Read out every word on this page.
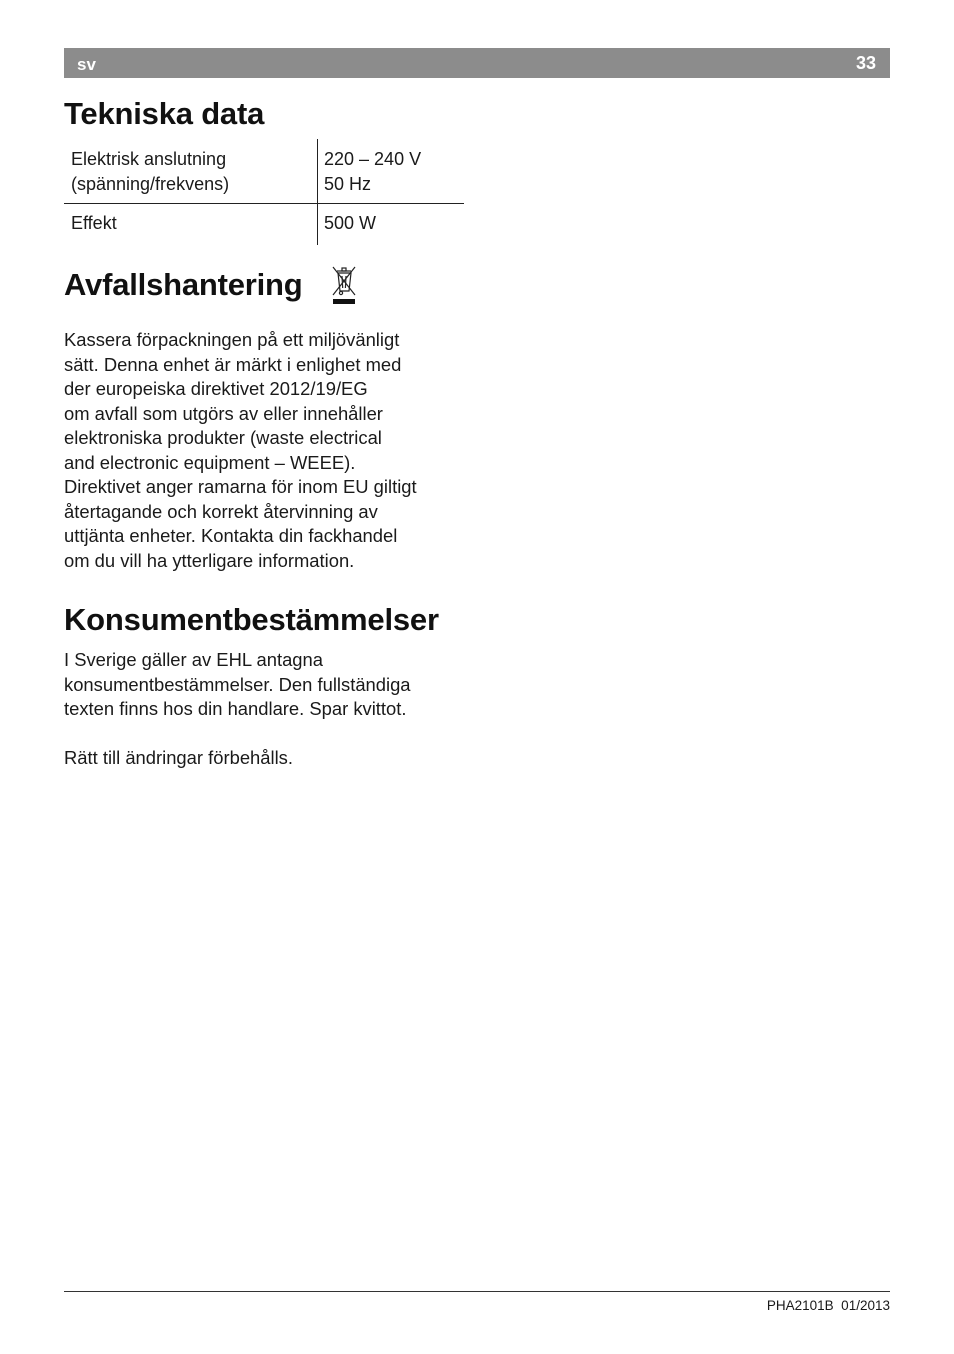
sv	33
Tekniska data
Elektrisk anslutning
(spänning/frekvens)
220 – 240 V
50 Hz
Effekt	500 W
Avfallshantering

Kassera förpackningen på ett miljövänligt
sätt. Denna enhet är märkt i enlighet med
der europeiska direktivet 2012/19/EG
om avfall som utgörs av eller innehåller
elektroniska produkter (waste electrical
and electronic equipment – WEEE).
Direktivet anger ramarna för inom EU giltigt
återtagande och korrekt återvinning av
uttjänta enheter. Kontakta din fackhandel
om du vill ha ytterligare information.

Konsumentbestämmelser

I Sverige gäller av EHL antagna
konsumentbestämmelser. Den fullständiga
texten finns hos din handlare. Spar kvittot.

Rätt till ändringar förbehålls.

PHA2101B  01/2013
